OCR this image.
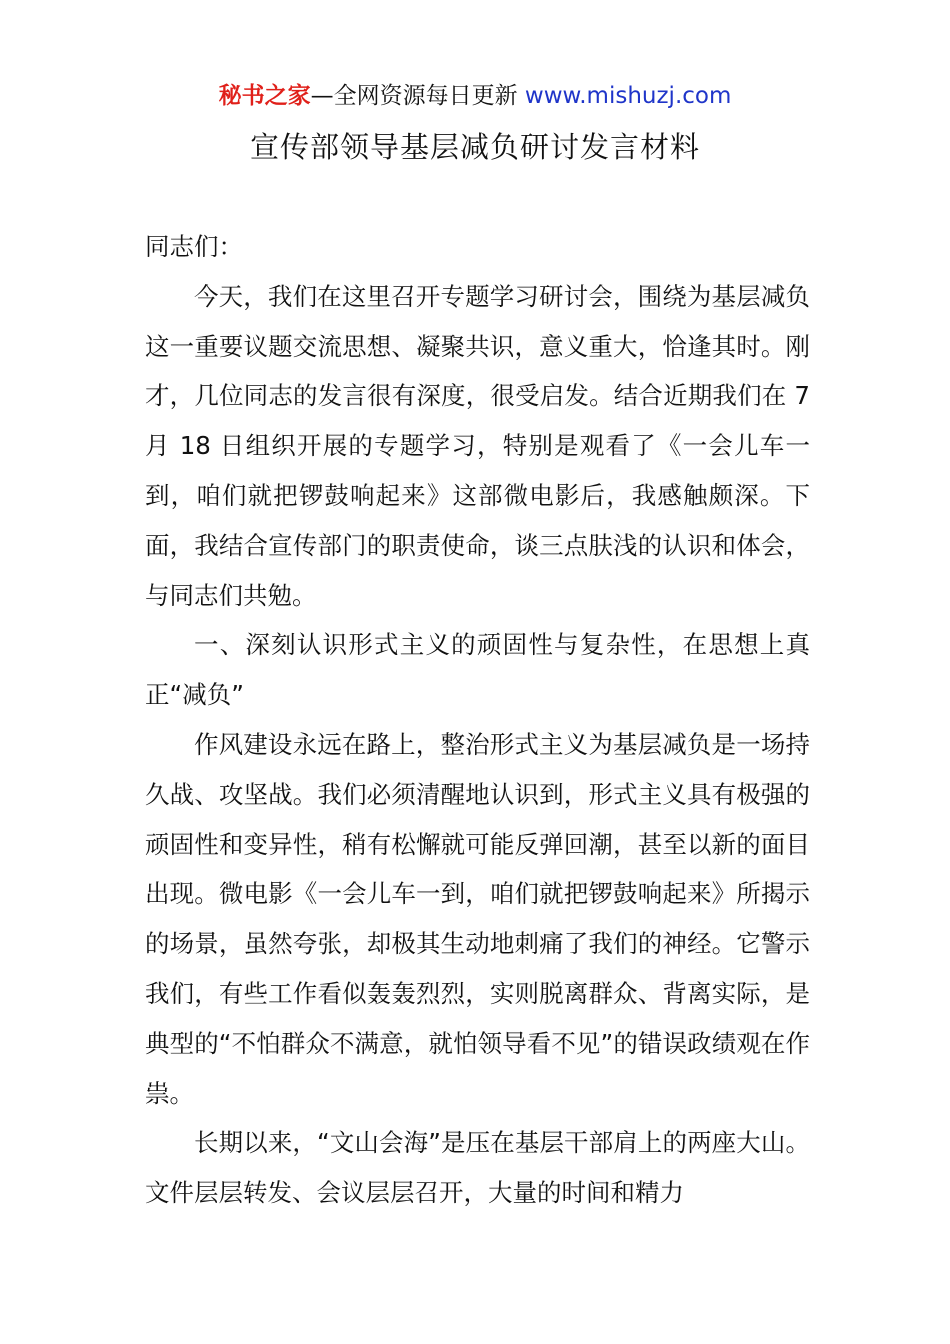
秘书之家—全网资源每日更新 www.mishuzj.com
宣传部领导基层减负研讨发言材料

同志们：

今天，我们在这里召开专题学习研讨会，围绕为基层减负这一重要议题交流思想、凝聚共识，意义重大，恰逢其时。刚才，几位同志的发言很有深度，很受启发。结合近期我们在 7 月 18 日组织开展的专题学习，特别是观看了《一会儿车一到，咱们就把锣鼓响起来》这部微电影后，我感触颇深。下面，我结合宣传部门的职责使命，谈三点肤浅的认识和体会，与同志们共勉。

一、深刻认识形式主义的顽固性与复杂性，在思想上真正“减负”

作风建设永远在路上，整治形式主义为基层减负是一场持久战、攻坚战。我们必须清醒地认识到，形式主义具有极强的顽固性和变异性，稍有松懈就可能反弹回潮，甚至以新的面目出现。微电影《一会儿车一到，咱们就把锣鼓响起来》所揭示的场景，虽然夸张，却极其生动地刺痛了我们的神经。它警示我们，有些工作看似轰轰烈烈，实则脱离群众、背离实际，是典型的“不怕群众不满意，就怕领导看不见”的错误政绩观在作祟。

长期以来，“文山会海”是压在基层干部肩上的两座大山。文件层层转发、会议层层召开，大量的时间和精力
